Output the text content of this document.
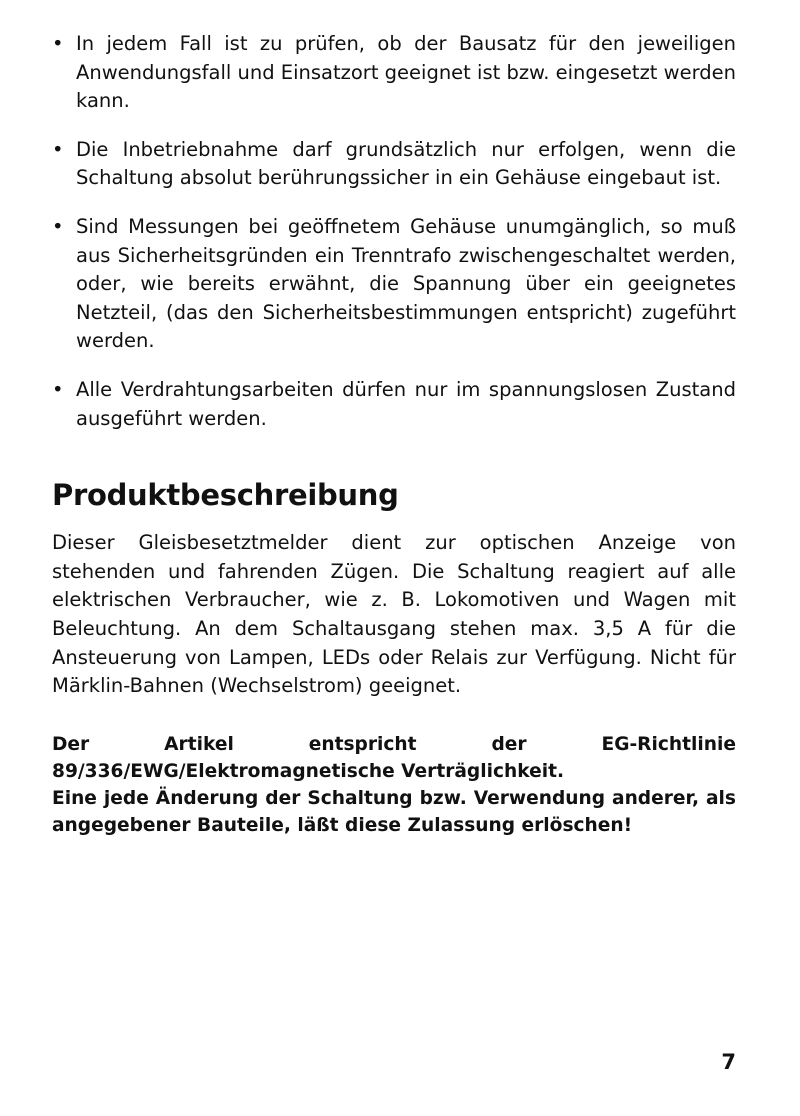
• In jedem Fall ist zu prüfen, ob der Bausatz für den jeweiligen Anwendungsfall und Einsatzort geeignet ist bzw. eingesetzt werden kann.
• Die Inbetriebnahme darf grundsätzlich nur erfolgen, wenn die Schaltung absolut berührungssicher in ein Gehäuse eingebaut ist.
• Sind Messungen bei geöffnetem Gehäuse unumgänglich, so muß aus Sicherheitsgründen ein Trenntrafo zwischengeschaltet werden, oder, wie bereits erwähnt, die Spannung über ein geeignetes Netzteil, (das den Sicherheitsbestimmungen entspricht) zugeführt werden.
• Alle Verdrahtungsarbeiten dürfen nur im spannungslosen Zustand ausgeführt werden.
Produktbeschreibung

Dieser Gleisbesetztmelder dient zur optischen Anzeige von stehenden und fahrenden Zügen. Die Schaltung reagiert auf alle elektrischen Verbraucher, wie z. B. Lokomotiven und Wagen mit Beleuchtung. An dem Schaltausgang stehen max. 3,5 A für die Ansteuerung von Lampen, LEDs oder Relais zur Verfügung. Nicht für Märklin-Bahnen (Wechselstrom) geeignet.

Der Artikel entspricht der EG-Richtlinie 89/336/EWG/Elektromagnetische Verträglichkeit.
Eine jede Änderung der Schaltung bzw. Verwendung anderer, als angegebener Bauteile, läßt diese Zulassung erlöschen!

7
